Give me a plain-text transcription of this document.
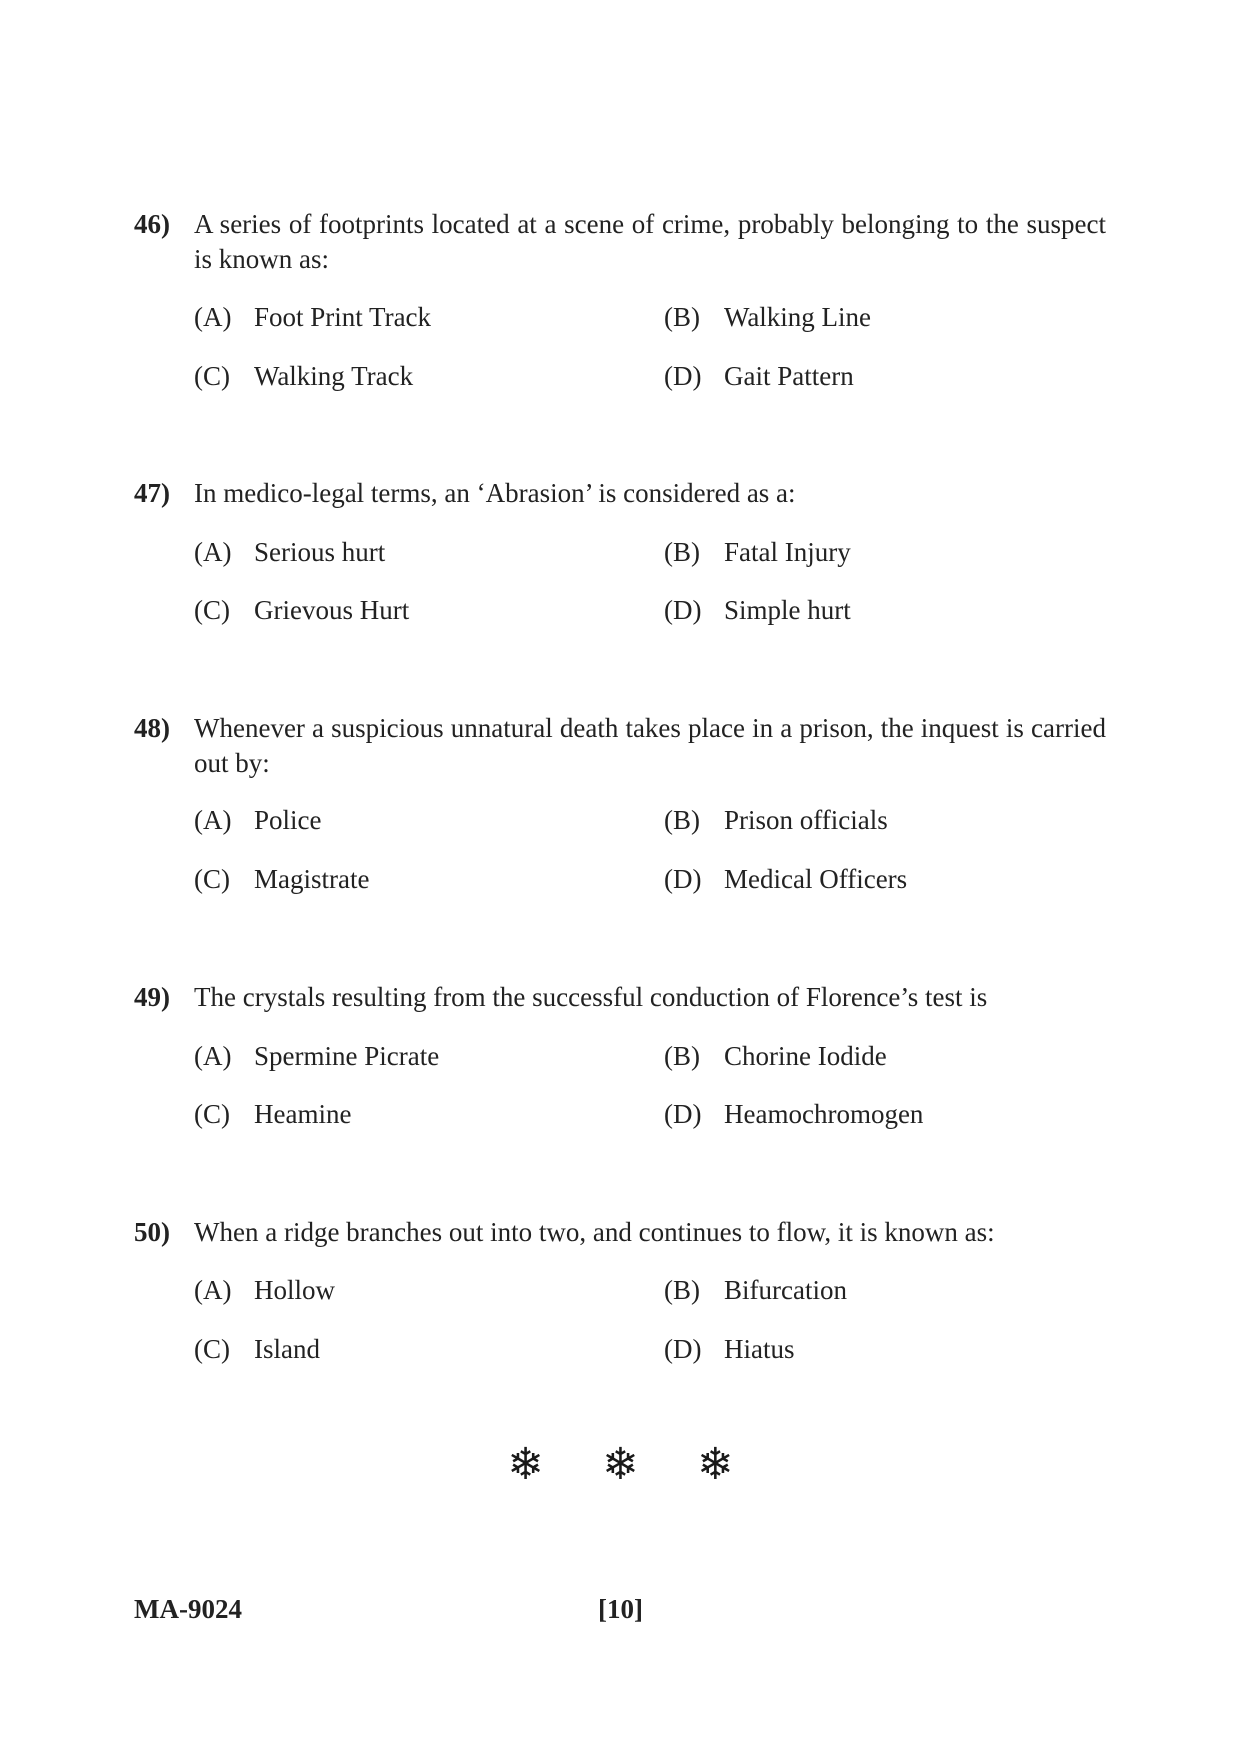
46) A series of footprints located at a scene of crime, probably belonging to the suspect is known as:
(A) Foot Print Track	(B) Walking Line
(C) Walking Track	(D) Gait Pattern
47) In medico-legal terms, an ‘Abrasion’ is considered as a:
(A) Serious hurt	(B) Fatal Injury
(C) Grievous Hurt	(D) Simple hurt
48) Whenever a suspicious unnatural death takes place in a prison, the inquest is carried out by:
(A) Police	(B) Prison officials
(C) Magistrate	(D) Medical Officers
49) The crystals resulting from the successful conduction of Florence’s test is
(A) Spermine Picrate	(B) Chorine Iodide
(C) Heamine	(D) Heamochromogen
50) When a ridge branches out into two, and continues to flow, it is known as:
(A) Hollow	(B) Bifurcation
(C) Island	(D) Hiatus
❄ ❄ ❄
MA-9024	[10]
